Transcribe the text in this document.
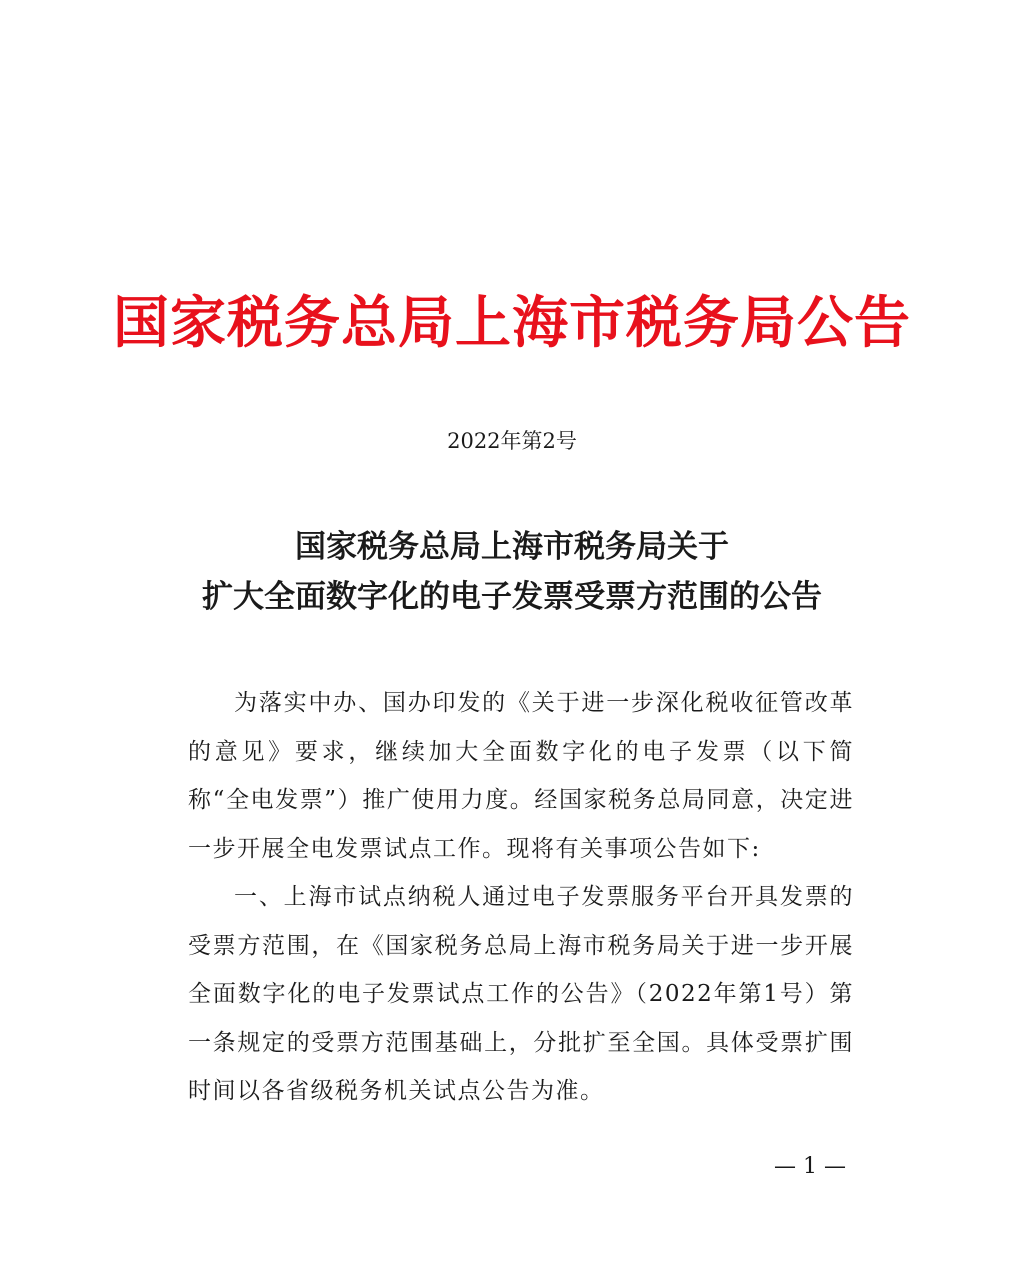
国家税务总局上海市税务局公告
2022年第2号
国家税务总局上海市税务局关于
扩大全面数字化的电子发票受票方范围的公告

为落实中办、国办印发的《关于进一步深化税收征管改革的意见》要求，继续加大全面数字化的电子发票（以下简称“全电发票”）推广使用力度。经国家税务总局同意，决定进一步开展全电发票试点工作。现将有关事项公告如下:

一、上海市试点纳税人通过电子发票服务平台开具发票的受票方范围，在《国家税务总局上海市税务局关于进一步开展全面数字化的电子发票试点工作的公告》（2022年第1号）第一条规定的受票方范围基础上，分批扩至全国。具体受票扩围时间以各省级税务机关试点公告为准。

— 1 —
